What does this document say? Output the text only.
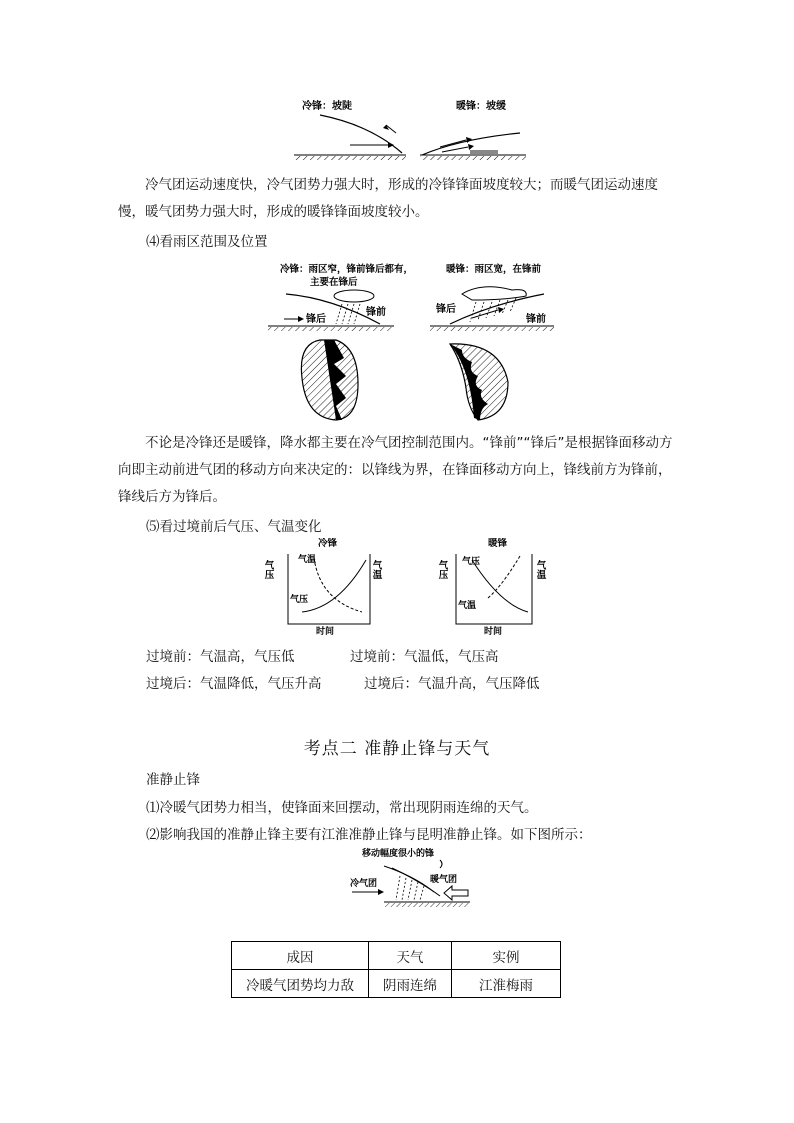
冷锋：坡陡	暖锋：坡缓
冷气团运动速度快，冷气团势力强大时，形成的冷锋锋面坡度较大；而暖气团运动速度慢，暖气团势力强大时，形成的暖锋锋面坡度较小。
⑷看雨区范围及位置
冷锋：雨区窄，锋前锋后都有，
主要在锋后
暖锋：雨区宽，在锋前
锋后
锋前	锋后
锋前
不论是冷锋还是暖锋，降水都主要在冷气团控制范围内。“锋前”“锋后”是根据锋面移动方向即主动前进气团的移动方向来决定的：以锋线为界，在锋面移动方向上，锋线前方为锋前，锋线后方为锋后。
⑸看过境前后气压、气温变化
冷锋
气压	气温
气温
气压
时间
暖锋
气压	气温
气压
气温
时间
过境前：气温高，气压低	过境前：气温低，气压高
过境后：气温降低，气压升高	过境后：气温升高，气压降低
考点二 准静止锋与天气
准静止锋
⑴冷暖气团势力相当，使锋面来回摆动，常出现阴雨连绵的天气。
⑵影响我国的准静止锋主要有江淮准静止锋与昆明准静止锋。如下图所示：
移动幅度很小的锋
暖气团
冷气团
成因	天气	实例
冷暖气团势均力敌	阴雨连绵	江淮梅雨
